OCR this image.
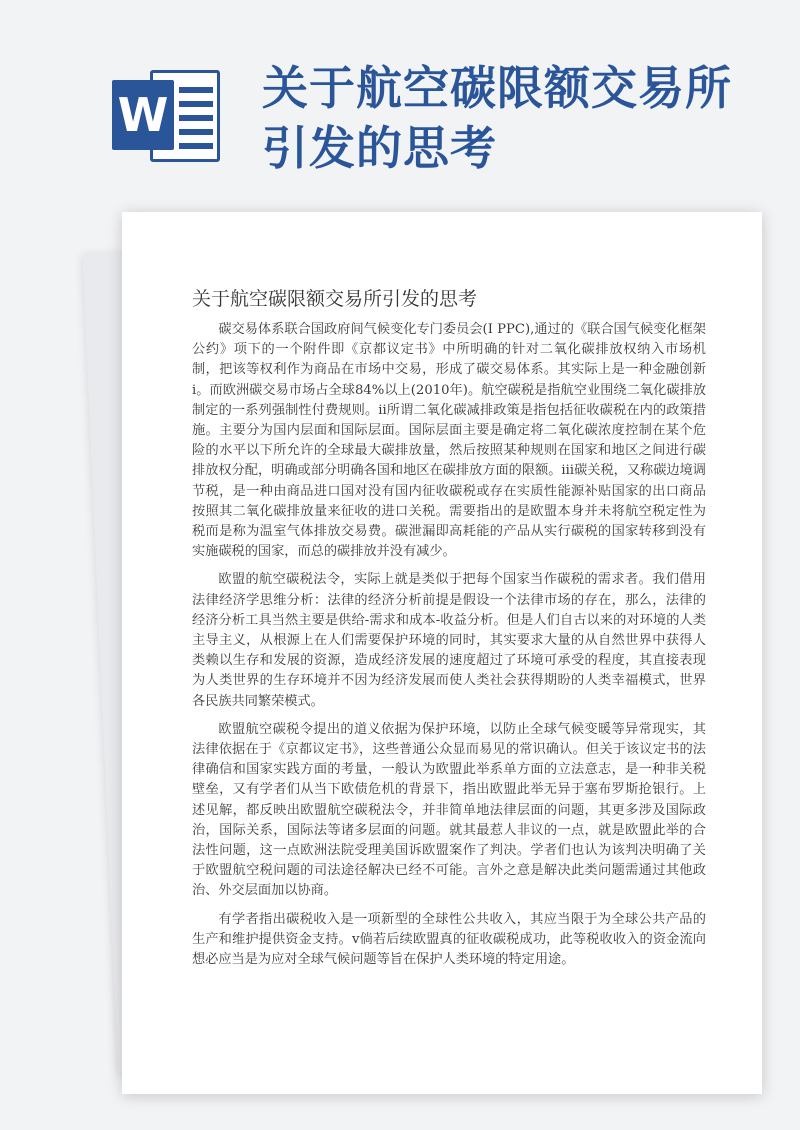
W 关于航空碳限额交易所引发的思考
关于航空碳限额交易所引发的思考

碳交易体系联合国政府间气候变化专门委员会(I PPC),通过的《联合国气候变化框架公约》项下的一个附件即《京都议定书》中所明确的针对二氧化碳排放权纳入市场机制，把该等权利作为商品在市场中交易，形成了碳交易体系。其实际上是一种金融创新ⅰ。而欧洲碳交易市场占全球84%以上(2010年)。航空碳税是指航空业围绕二氧化碳排放制定的一系列强制性付费规则。ⅱ所谓二氧化碳减排政策是指包括征收碳税在内的政策措施。主要分为国内层面和国际层面。国际层面主要是确定将二氧化碳浓度控制在某个危险的水平以下所允许的全球最大碳排放量，然后按照某种规则在国家和地区之间进行碳排放权分配，明确或部分明确各国和地区在碳排放方面的限额。ⅲ碳关税，又称碳边境调节税，是一种由商品进口国对没有国内征收碳税或存在实质性能源补贴国家的出口商品按照其二氧化碳排放量来征收的进口关税。需要指出的是欧盟本身并未将航空税定性为税而是称为温室气体排放交易费。碳泄漏即高耗能的产品从实行碳税的国家转移到没有实施碳税的国家，而总的碳排放并没有减少。

欧盟的航空碳税法令，实际上就是类似于把每个国家当作碳税的需求者。我们借用法律经济学思维分析：法律的经济分析前提是假设一个法律市场的存在，那么，法律的经济分析工具当然主要是供给-需求和成本-收益分析。但是人们自古以来的对环境的人类主导主义，从根源上在人们需要保护环境的同时，其实要求大量的从自然世界中获得人类赖以生存和发展的资源，造成经济发展的速度超过了环境可承受的程度，其直接表现为人类世界的生存环境并不因为经济发展而使人类社会获得期盼的人类幸福模式，世界各民族共同繁荣模式。

欧盟航空碳税令提出的道义依据为保护环境，以防止全球气候变暖等异常现实，其法律依据在于《京都议定书》，这些普通公众显而易见的常识确认。但关于该议定书的法律确信和国家实践方面的考量，一般认为欧盟此举系单方面的立法意志，是一种非关税壁垒，又有学者们从当下欧债危机的背景下，指出欧盟此举无异于塞布罗斯抢银行。上述见解，都反映出欧盟航空碳税法令，并非简单地法律层面的问题，其更多涉及国际政治，国际关系，国际法等诸多层面的问题。就其最惹人非议的一点，就是欧盟此举的合法性问题，这一点欧洲法院受理美国诉欧盟案作了判决。学者们也认为该判决明确了关于欧盟航空税问题的司法途径解决已经不可能。言外之意是解决此类问题需通过其他政治、外交层面加以协商。

有学者指出碳税收入是一项新型的全球性公共收入，其应当限于为全球公共产品的生产和维护提供资金支持。ⅴ倘若后续欧盟真的征收碳税成功，此等税收收入的资金流向想必应当是为应对全球气候问题等旨在保护人类环境的特定用途。
